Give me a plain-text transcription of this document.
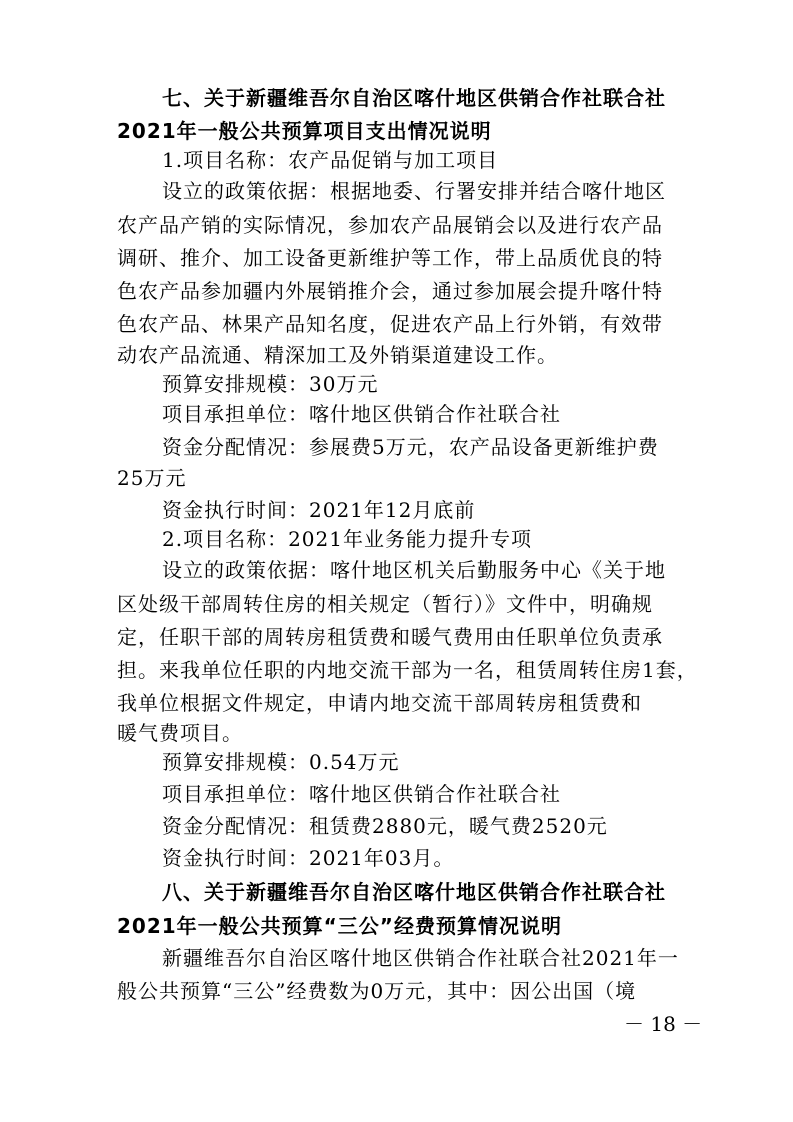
七、关于新疆维吾尔自治区喀什地区供销合作社联合社
2021年一般公共预算项目支出情况说明
1.项目名称：农产品促销与加工项目
设立的政策依据：根据地委、行署安排并结合喀什地区
农产品产销的实际情况，参加农产品展销会以及进行农产品
调研、推介、加工设备更新维护等工作，带上品质优良的特
色农产品参加疆内外展销推介会，通过参加展会提升喀什特
色农产品、林果产品知名度，促进农产品上行外销，有效带
动农产品流通、精深加工及外销渠道建设工作。
预算安排规模：30万元
项目承担单位：喀什地区供销合作社联合社
资金分配情况：参展费5万元，农产品设备更新维护费
25万元
资金执行时间：2021年12月底前
2.项目名称：2021年业务能力提升专项
设立的政策依据：喀什地区机关后勤服务中心《关于地
区处级干部周转住房的相关规定（暂行）》文件中，明确规
定，任职干部的周转房租赁费和暖气费用由任职单位负责承
担。来我单位任职的内地交流干部为一名，租赁周转住房1套，
我单位根据文件规定，申请内地交流干部周转房租赁费和
暖气费项目。
预算安排规模：0.54万元
项目承担单位：喀什地区供销合作社联合社
资金分配情况：租赁费2880元，暖气费2520元
资金执行时间：2021年03月。
八、关于新疆维吾尔自治区喀什地区供销合作社联合社
2021年一般公共预算“三公”经费预算情况说明
新疆维吾尔自治区喀什地区供销合作社联合社2021年一
般公共预算“三公”经费数为0万元，其中：因公出国（境
－ 18 －
